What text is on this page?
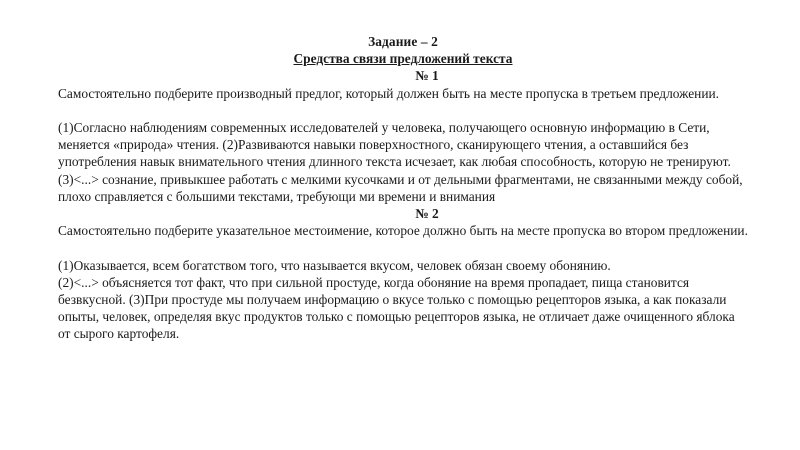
Задание – 2
Средства связи предложений текста
№ 1

Самостоятельно подберите производный предлог, который должен быть на месте пропуска в третьем предложении.

(1)Согласно наблюдениям современных исследователей у человека, получающего основную информацию в Сети, меняется «природа» чтения. (2)Развиваются навыки поверхностного, сканирующего чтения, а оставшийся без употребления навык внимательного чтения длинного текста исчезает, как любая способность, которую не тренируют. (3)<...> сознание, привыкшее работать с мелкими кусочками и от дельными фрагментами, не связанными между собой, плохо справляется с большими текстами, требующи ми времени и внимания

№ 2

Самостоятельно подберите указательное местоимение, которое должно быть на месте пропуска во втором предложении.

(1)Оказывается, всем богатством того, что называется вкусом, человек обязан своему обонянию.

(2)<...> объясняется тот факт, что при сильной простуде, когда обоняние на время пропадает, пища становится безвкусной. (3)При простуде мы получаем информацию о вкусе только с помощью рецепторов языка, а как показали опыты, человек, определяя вкус продуктов только с помощью рецепторов языка, не отличает даже очищенного яблока от сырого картофеля.
